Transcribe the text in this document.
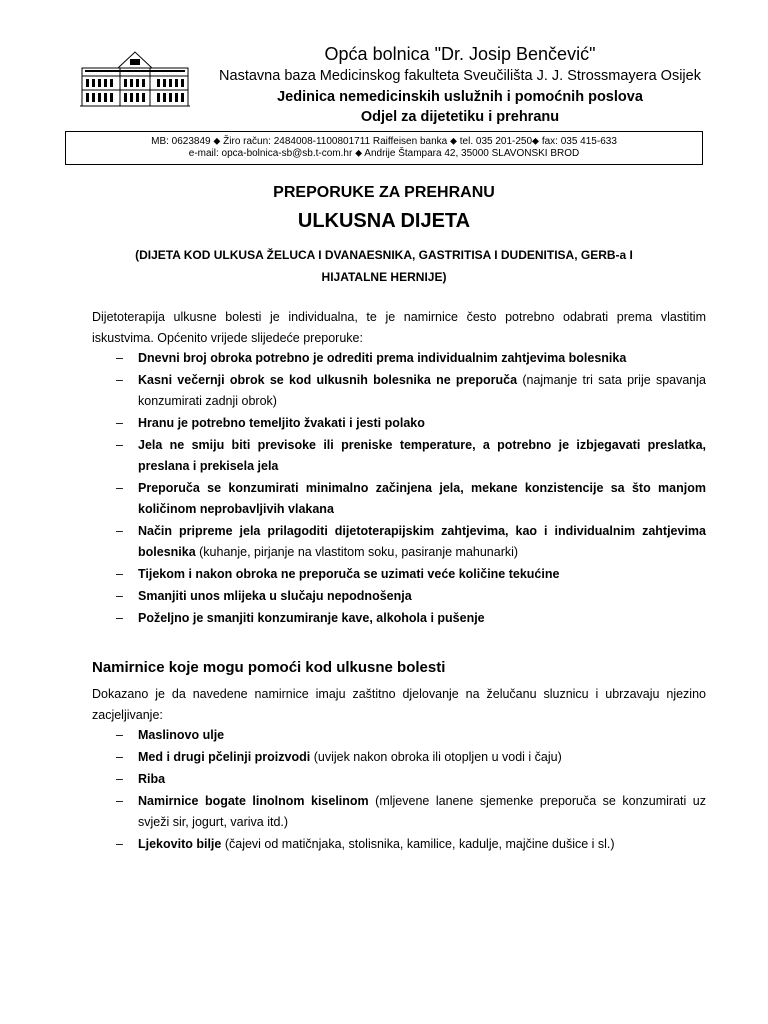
Opća bolnica "Dr. Josip Benčević"
Nastavna baza Medicinskog fakulteta Sveučilišta J. J. Strossmayera Osijek
Jedinica nemedicinskih uslužnih i pomoćnih poslova
Odjel za dijetetiku i prehranu
MB: 0623849 ⬥ Žiro račun: 2484008-1100801711 Raiffeisen banka ⬥ tel. 035 201-250⬥ fax: 035 415-633
e-mail: opca-bolnica-sb@sb.t-com.hr ⬥ Andrije Štampara 42, 35000 SLAVONSKI BROD
PREPORUKE ZA PREHRANU
ULKUSNA DIJETA
(DIJETA KOD ULKUSA ŽELUCA I DVANAESNIKA, GASTRITISA I DUDENITISA, GERB-a I HIJATALNE HERNIJE)
Dijetoterapija ulkusne bolesti je individualna, te je namirnice često potrebno odabrati prema vlastitim iskustvima. Općenito vrijede slijedeće preporuke:
– Dnevni broj obroka potrebno je odrediti prema individualnim zahtjevima bolesnika
– Kasni večernji obrok se kod ulkusnih bolesnika ne preporuča (najmanje tri sata prije spavanja konzumirati zadnji obrok)
– Hranu je potrebno temeljito žvakati i jesti polako
– Jela ne smiju biti previsoke ili preniske temperature, a potrebno je izbjegavati preslatka, preslana i prekisela jela
– Preporuča se konzumirati minimalno začinjena jela, mekane konzistencije sa što manjom količinom neprobavljivih vlakana
– Način pripreme jela prilagoditi dijetoterapijskim zahtjevima, kao i individualnim zahtjevima bolesnika (kuhanje, pirjanje na vlastitom soku, pasiranje mahunarki)
– Tijekom i nakon obroka ne preporuča se uzimati veće količine tekućine
– Smanjiti unos mlijeka u slučaju nepodnošenja
– Poželjno je smanjiti konzumiranje kave, alkohola i pušenje
Namirnice koje mogu pomoći kod ulkusne bolesti
Dokazano je da navedene namirnice imaju zaštitno djelovanje na želučanu sluznicu i ubrzavaju njezino zacjeljivanje:
– Maslinovo ulje
– Med i drugi pčelinji proizvodi (uvijek nakon obroka ili otopljen u vodi i čaju)
– Riba
– Namirnice bogate linolnom kiselinom (mljevene lanene sjemenke preporuča se konzumirati uz svježi sir, jogurt, variva itd.)
– Ljekovito bilje (čajevi od matičnjaka, stolisnika, kamilice, kadulje, majčine dušice i sl.)
